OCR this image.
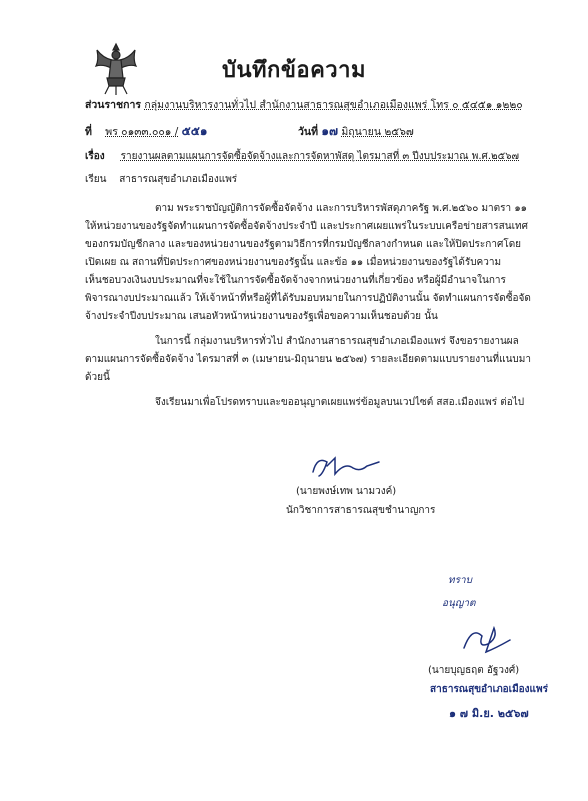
บันทึกข้อความ
ส่วนราชการ กลุ่มงานบริหารงานทั่วไป สำนักงานสาธารณสุขอำเภอเมืองแพร่ โทร ๐ ๕๔๕๑ ๑๒๒๐
ที่ พร ๐๑๓๓.๐๐๑ / ๕๕๑	วันที่ ๑๗ มิถุนายน ๒๕๖๗
เรื่อง รายงานผลตามแผนการจัดซื้อจัดจ้างและการจัดหาพัสดุ ไตรมาสที่ ๓ ปีงบประมาณ พ.ศ.๒๕๖๗
เรียน สาธารณสุขอำเภอเมืองแพร่
ตาม พระราชบัญญัติการจัดซื้อจัดจ้าง และการบริหารพัสดุภาครัฐ พ.ศ.๒๕๖๐ มาตรา ๑๑
ให้หน่วยงานของรัฐจัดทำแผนการจัดซื้อจัดจ้างประจำปี และประกาศเผยแพร่ในระบบเครือข่ายสารสนเทศ
ของกรมบัญชีกลาง และของหน่วยงานของรัฐตามวิธีการที่กรมบัญชีกลางกำหนด และให้ปิดประกาศโดย
เปิดเผย ณ สถานที่ปิดประกาศของหน่วยงานของรัฐนั้น และข้อ ๑๑ เมื่อหน่วยงานของรัฐได้รับความ
เห็นชอบวงเงินงบประมาณที่จะใช้ในการจัดซื้อจัดจ้างจากหน่วยงานที่เกี่ยวข้อง หรือผู้มีอำนาจในการ
พิจารณางบประมาณแล้ว ให้เจ้าหน้าที่หรือผู้ที่ได้รับมอบหมายในการปฏิบัติงานนั้น จัดทำแผนการจัดซื้อจัด
จ้างประจำปีงบประมาณ เสนอหัวหน้าหน่วยงานของรัฐเพื่อขอความเห็นชอบด้วย นั้น
ในการนี้ กลุ่มงานบริหารทั่วไป สำนักงานสาธารณสุขอำเภอเมืองแพร่ จึงขอรายงานผล
ตามแผนการจัดซื้อจัดจ้าง ไตรมาสที่ ๓ (เมษายน-มิถุนายน ๒๕๖๗) รายละเอียดตามแบบรายงานที่แนบมา
ด้วยนี้
จึงเรียนมาเพื่อโปรดทราบและขออนุญาตเผยแพร่ข้อมูลบนเวปไซต์ สสอ.เมืองแพร่ ต่อไป
(นายพงษ์เทพ นามวงค์)
นักวิชาการสาธารณสุขชำนาญการ
ทราบ
อนุญาต
(นายบุญธฤต อัฐวงศ์)
สาธารณสุขอำเภอเมืองแพร่
๑ ๗ มิ.ย. ๒๕๖๗
